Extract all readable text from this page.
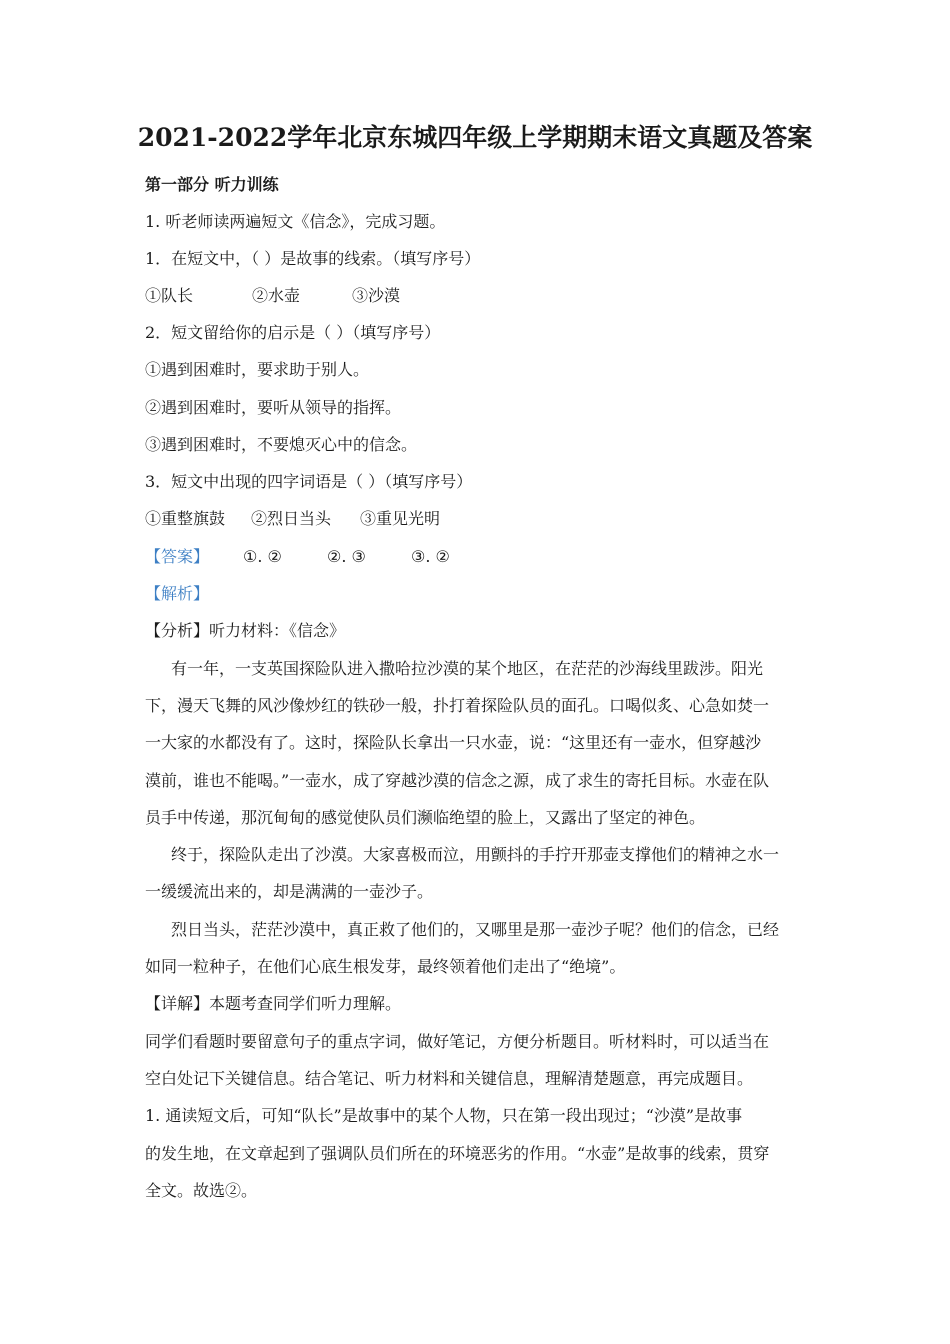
2021-2022学年北京东城四年级上学期期末语文真题及答案
第一部分 听力训练
1. 听老师读两遍短文《信念》，完成习题。
1．在短文中，（ ）是故事的线索。（填写序号）
①队长	②水壶	③沙漠
2．短文留给你的启示是（ ）（填写序号）
①遇到困难时，要求助于别人。
②遇到困难时，要听从领导的指挥。
③遇到困难时，不要熄灭心中的信念。
3．短文中出现的四字词语是（ ）（填写序号）
①重整旗鼓 ②烈日当头 ③重见光明
【答案】 ①. ②	②. ③	③. ②
【解析】
【分析】听力材料：《信念》
有一年，一支英国探险队进入撒哈拉沙漠的某个地区，在茫茫的沙海线里跋涉。阳光
下，漫天飞舞的风沙像炒红的铁砂一般，扑打着探险队员的面孔。口喝似炙、心急如焚一
一大家的水都没有了。这时，探险队长拿出一只水壶，说：“这里还有一壶水，但穿越沙
漠前，谁也不能喝。”一壶水，成了穿越沙漠的信念之源，成了求生的寄托目标。水壶在队
员手中传递，那沉甸甸的感觉使队员们濒临绝望的脸上，又露出了坚定的神色。
终于，探险队走出了沙漠。大家喜极而泣，用颤抖的手拧开那壶支撑他们的精神之水一
一缓缓流出来的，却是满满的一壶沙子。
烈日当头，茫茫沙漠中，真正救了他们的，又哪里是那一壶沙子呢？他们的信念，已经
如同一粒种子，在他们心底生根发芽，最终领着他们走出了“绝境”。
【详解】本题考查同学们听力理解。
同学们看题时要留意句子的重点字词，做好笔记，方便分析题目。听材料时，可以适当在
空白处记下关键信息。结合笔记、听力材料和关键信息，理解清楚题意，再完成题目。
1. 通读短文后，可知“队长”是故事中的某个人物，只在第一段出现过；“沙漠”是故事
的发生地，在文章起到了强调队员们所在的环境恶劣的作用。“水壶”是故事的线索，贯穿
全文。故选②。
